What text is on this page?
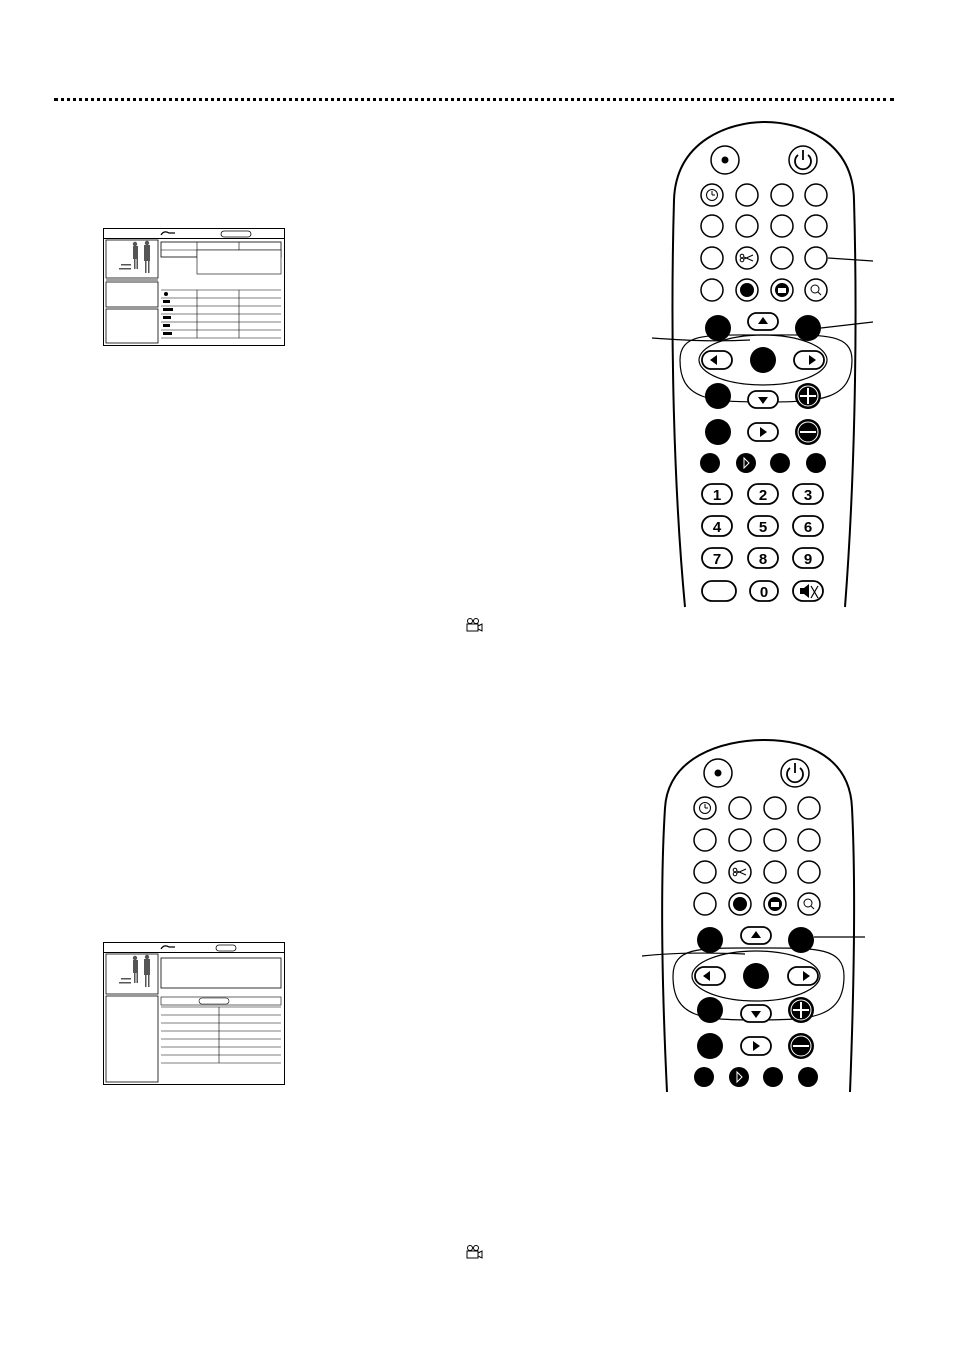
1	2 3
4	5 6
7	8 9
0
